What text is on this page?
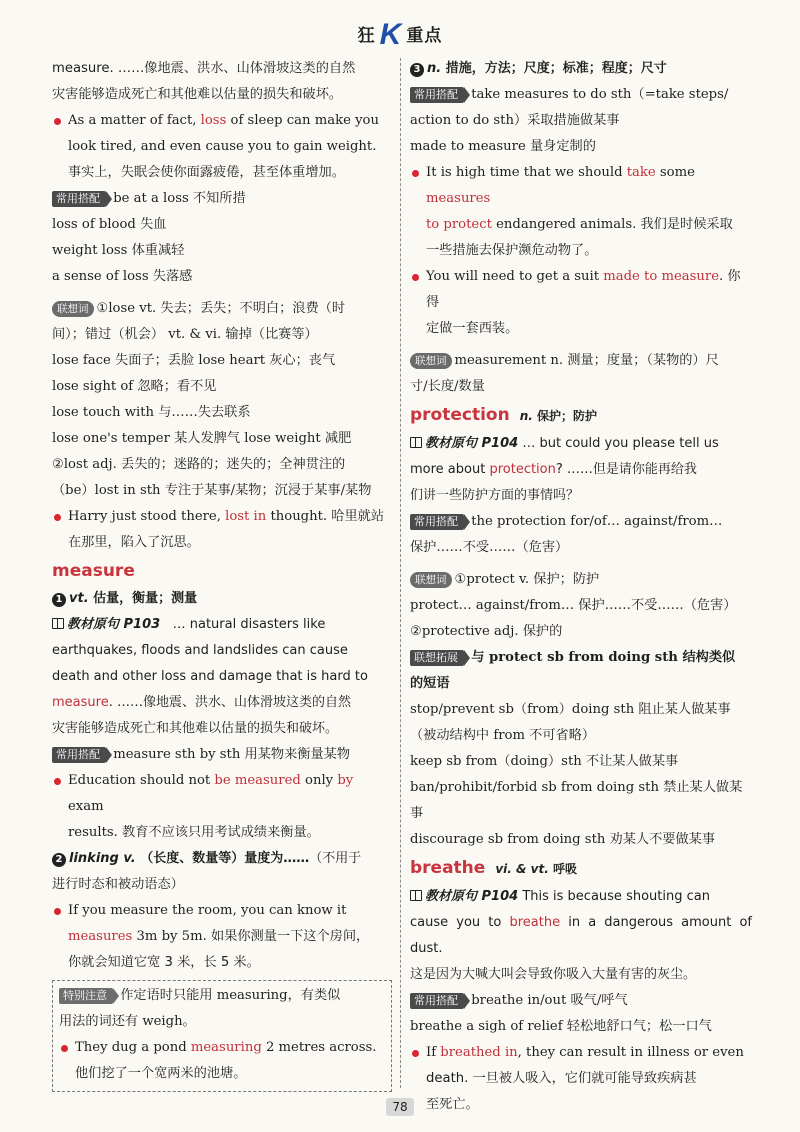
狂 K 重点
measure. ……像地震、洪水、山体滑坡这类的自然
灾害能够造成死亡和其他难以估量的损失和破坏。
As a matter of fact, loss of sleep can make you
look tired, and even cause you to gain weight.
事实上，失眠会使你面露疲倦，甚至体重增加。
常用搭配 be at a loss 不知所措
loss of blood 失血
weight loss 体重减轻
a sense of loss 失落感
联想词 ①lose vt. 失去；丢失；不明白；浪费（时
间）；错过（机会） vt. & vi. 输掉（比赛等）
lose face 失面子；丢脸 lose heart 灰心；丧气
lose sight of 忽略；看不见
lose touch with 与……失去联系
lose one's temper 某人发脾气 lose weight 减肥
②lost adj. 丢失的；迷路的；迷失的；全神贯注的
（be）lost in sth 专注于某事/某物；沉浸于某事/某物
Harry just stood there, lost in thought. 哈里就站
在那里，陷入了沉思。
measure
1 vt. 估量，衡量；测量
教材原句 P103 … natural disasters like
earthquakes, floods and landslides can cause
death and other loss and damage that is hard to
measure. ……像地震、洪水、山体滑坡这类的自然
灾害能够造成死亡和其他难以估量的损失和破坏。
常用搭配 measure sth by sth 用某物来衡量某物
Education should not be measured only by exam
results. 教育不应该只用考试成绩来衡量。
2 linking v. （长度、数量等）量度为……（不用于
进行时态和被动语态）
If you measure the room, you can know it
measures 3m by 5m. 如果你测量一下这个房间，
你就会知道它宽 3 米，长 5 米。
特别注意 作定语时只能用 measuring，有类似
用法的词还有 weigh。
They dug a pond measuring 2 metres across.
他们挖了一个宽两米的池塘。
3 n. 措施，方法；尺度；标准；程度；尺寸
常用搭配 take measures to do sth（=take steps/
action to do sth）采取措施做某事
made to measure 量身定制的
It is high time that we should take some measures
to protect endangered animals. 我们是时候采取
一些措施去保护濒危动物了。
You will need to get a suit made to measure. 你得
定做一套西装。
联想词 measurement n. 测量；度量；（某物的）尺
寸/长度/数量
protection n. 保护；防护
教材原句 P104 … but could you please tell us
more about protection? ……但是请你能再给我
们讲一些防护方面的事情吗？
常用搭配 the protection for/of… against/from…
保护……不受……（危害）
联想词 ①protect v. 保护；防护
protect… against/from… 保护……不受……（危害）
②protective adj. 保护的
联想拓展 与 protect sb from doing sth 结构类似
的短语
stop/prevent sb（from）doing sth 阻止某人做某事
（被动结构中 from 不可省略）
keep sb from（doing）sth 不让某人做某事
ban/prohibit/forbid sb from doing sth 禁止某人做某事
discourage sb from doing sth 劝某人不要做某事
breathe vi. & vt. 呼吸
教材原句 P104 This is because shouting can
cause you to breathe in a dangerous amount of dust.
这是因为大喊大叫会导致你吸入大量有害的灰尘。
常用搭配 breathe in/out 吸气/呼气
breathe a sigh of relief 轻松地舒口气；松一口气
If breathed in, they can result in illness or even
death. 一旦被人吸入，它们就可能导致疾病甚
至死亡。
78
